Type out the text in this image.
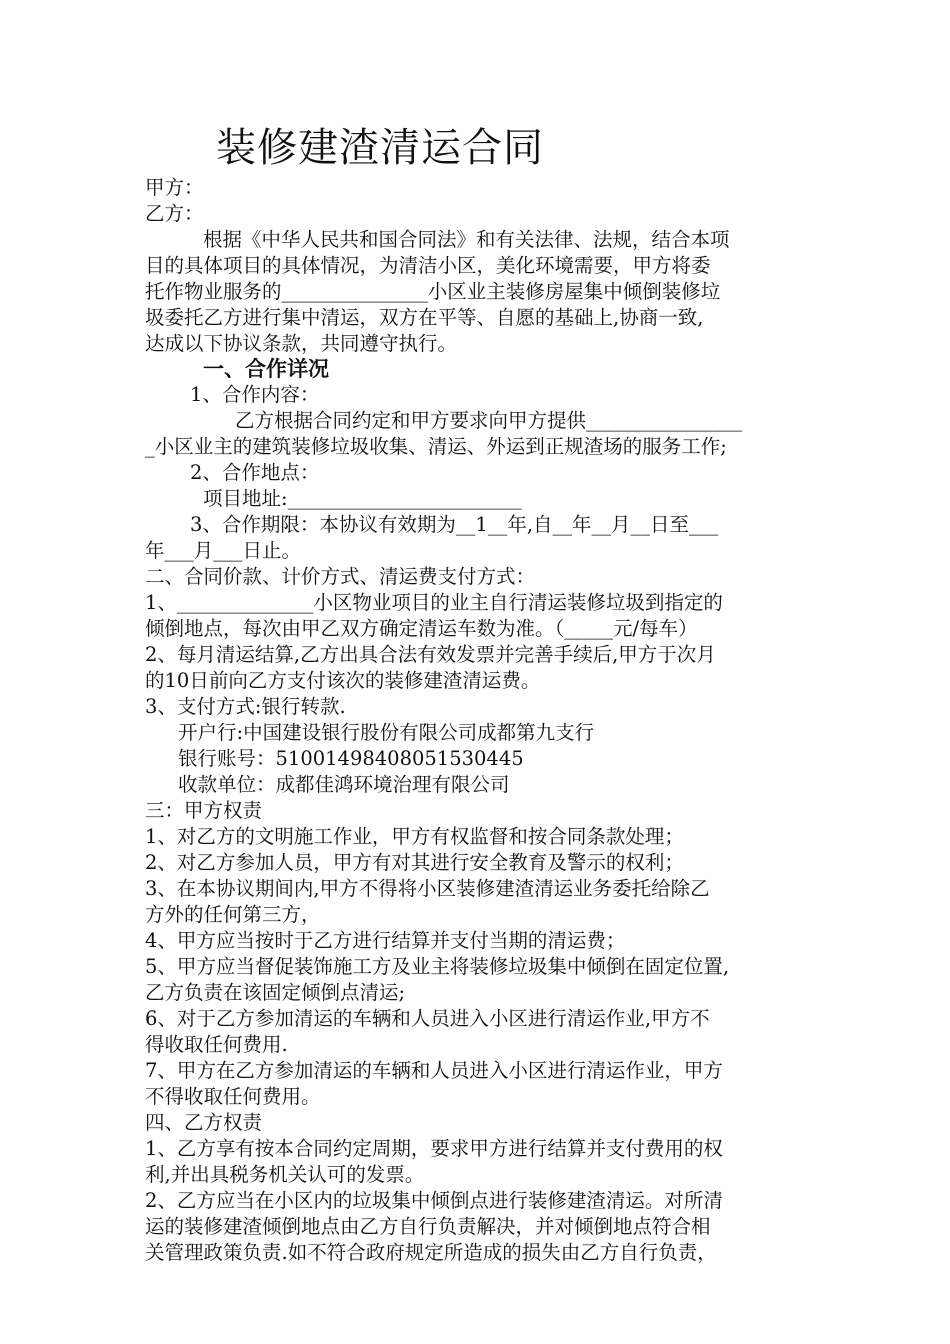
装修建渣清运合同
甲方：
乙方：
根据《中华人民共和国合同法》和有关法律、法规，结合本项
目的具体项目的具体情况，为清洁小区，美化环境需要，甲方将委
托作物业服务的_______________小区业主装修房屋集中倾倒装修垃
圾委托乙方进行集中清运，双方在平等、自愿的基础上,协商一致,
达成以下协议条款，共同遵守执行。
一、合作详况
1、合作内容：
乙方根据合同约定和甲方要求向甲方提供________________
_小区业主的建筑装修垃圾收集、清运、外运到正规渣场的服务工作;
2、合作地点：
项目地址:________________________
3、合作期限：本协议有效期为__1__年,自__年__月__日至___
年___月___日止。
二、合同价款、计价方式、清运费支付方式：
1、______________小区物业项目的业主自行清运装修垃圾到指定的
倾倒地点，每次由甲乙双方确定清运车数为准。（_____元/每车）
2、每月清运结算,乙方出具合法有效发票并完善手续后,甲方于次月
的10日前向乙方支付该次的装修建渣清运费。
3、支付方式:银行转款.
开户行:中国建设银行股份有限公司成都第九支行
银行账号：51001498408051530445
收款单位：成都佳鸿环境治理有限公司
三：甲方权责
1、对乙方的文明施工作业，甲方有权监督和按合同条款处理；
2、对乙方参加人员，甲方有对其进行安全教育及警示的权利；
3、在本协议期间内,甲方不得将小区装修建渣清运业务委托给除乙
方外的任何第三方，
4、甲方应当按时于乙方进行结算并支付当期的清运费；
5、甲方应当督促装饰施工方及业主将装修垃圾集中倾倒在固定位置,
乙方负责在该固定倾倒点清运;
6、对于乙方参加清运的车辆和人员进入小区进行清运作业,甲方不
得收取任何费用.
7、甲方在乙方参加清运的车辆和人员进入小区进行清运作业，甲方
不得收取任何费用。
四、乙方权责
1、乙方享有按本合同约定周期，要求甲方进行结算并支付费用的权
利,并出具税务机关认可的发票。
2、乙方应当在小区内的垃圾集中倾倒点进行装修建渣清运。对所清
运的装修建渣倾倒地点由乙方自行负责解决，并对倾倒地点符合相
关管理政策负责.如不符合政府规定所造成的损失由乙方自行负责，
